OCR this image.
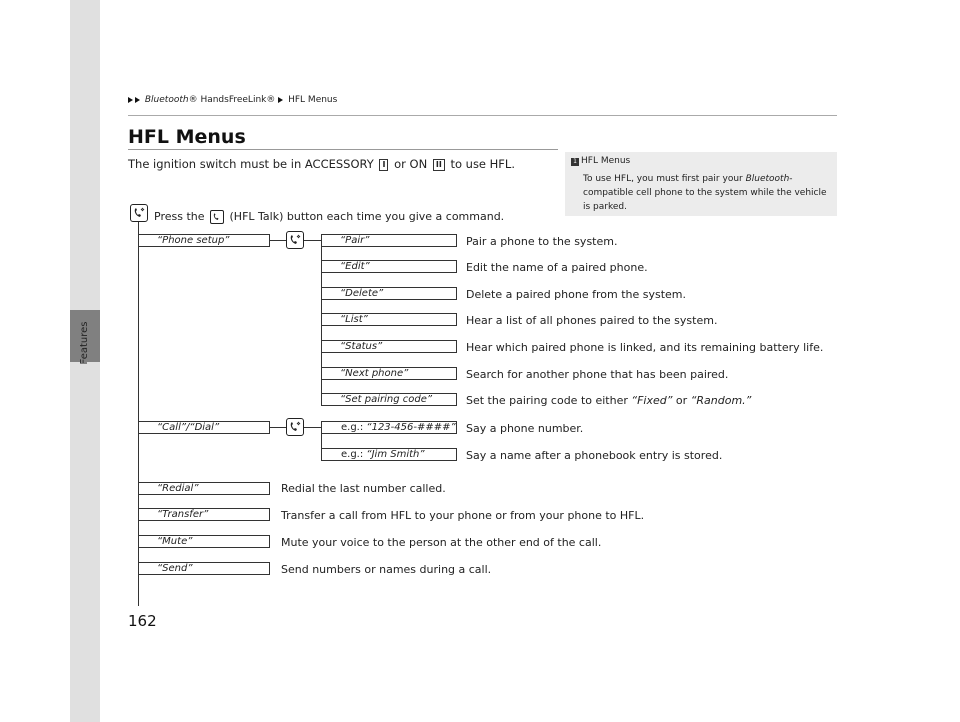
Features
Bluetooth® HandsFreeLink® HFL Menus
HFL Menus
The ignition switch must be in ACCESSORY I or ON II to use HFL.	1 HFL Menus
To use HFL, you must first pair your Bluetooth-compatible cell phone to the system while the vehicle is parked.
Press the (HFL Talk) button each time you give a command.
“Phone setup”	“Pair”	Pair a phone to the system.
“Edit”	Edit the name of a paired phone.
“Delete”	Delete a paired phone from the system.
“List”	Hear a list of all phones paired to the system.
“Status”	Hear which paired phone is linked, and its remaining battery life.
“Next phone”	Search for another phone that has been paired.
“Set pairing code”	Set the pairing code to either “Fixed” or “Random.”
“Call”/“Dial”	e.g.: “123-456-####” Say a phone number.
e.g.: “Jim Smith”	Say a name after a phonebook entry is stored.
“Redial”	Redial the last number called.
“Transfer”	Transfer a call from HFL to your phone or from your phone to HFL.
“Mute”	Mute your voice to the person at the other end of the call.
“Send”	Send numbers or names during a call.
162
